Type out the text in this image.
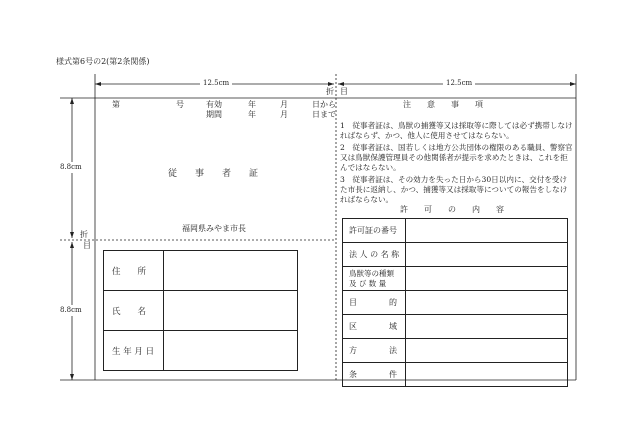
様式第6号の2(第2条関係)
12.5cm	12.5cm
8.8cm
8.8cm
折 目
折
目
第　　　　　　　号	有効
期間
年　　　月　　　日から
年　　　月　　　日まで
従　　事　　者　　証
福岡県みやま市長
住　　所	
氏　　名	
生 年 月 日	
注　　意　　事　　項

1　従事者証は、鳥獣の捕獲等又は採取等に際しては必ず携帯しなければならず、かつ、他人に使用させてはならない。

2　従事者証は、国若しくは地方公共団体の権限のある職員、警察官又は鳥獣保護管理員その他関係者が提示を求めたときは、これを拒んではならない。

3　従事者証は、その効力を失った日から30日以内に、交付を受けた市長に返納し、かつ、捕獲等又は採取等についての報告をしなければならない。

許　　可　　の　　内　　容
許可証の番号	
法 人 の 名 称	
鳥獣等の種類
及 び 数 量	
目　　　　的	
区　　　　域	
方　　　　法	
条　　　　件	
